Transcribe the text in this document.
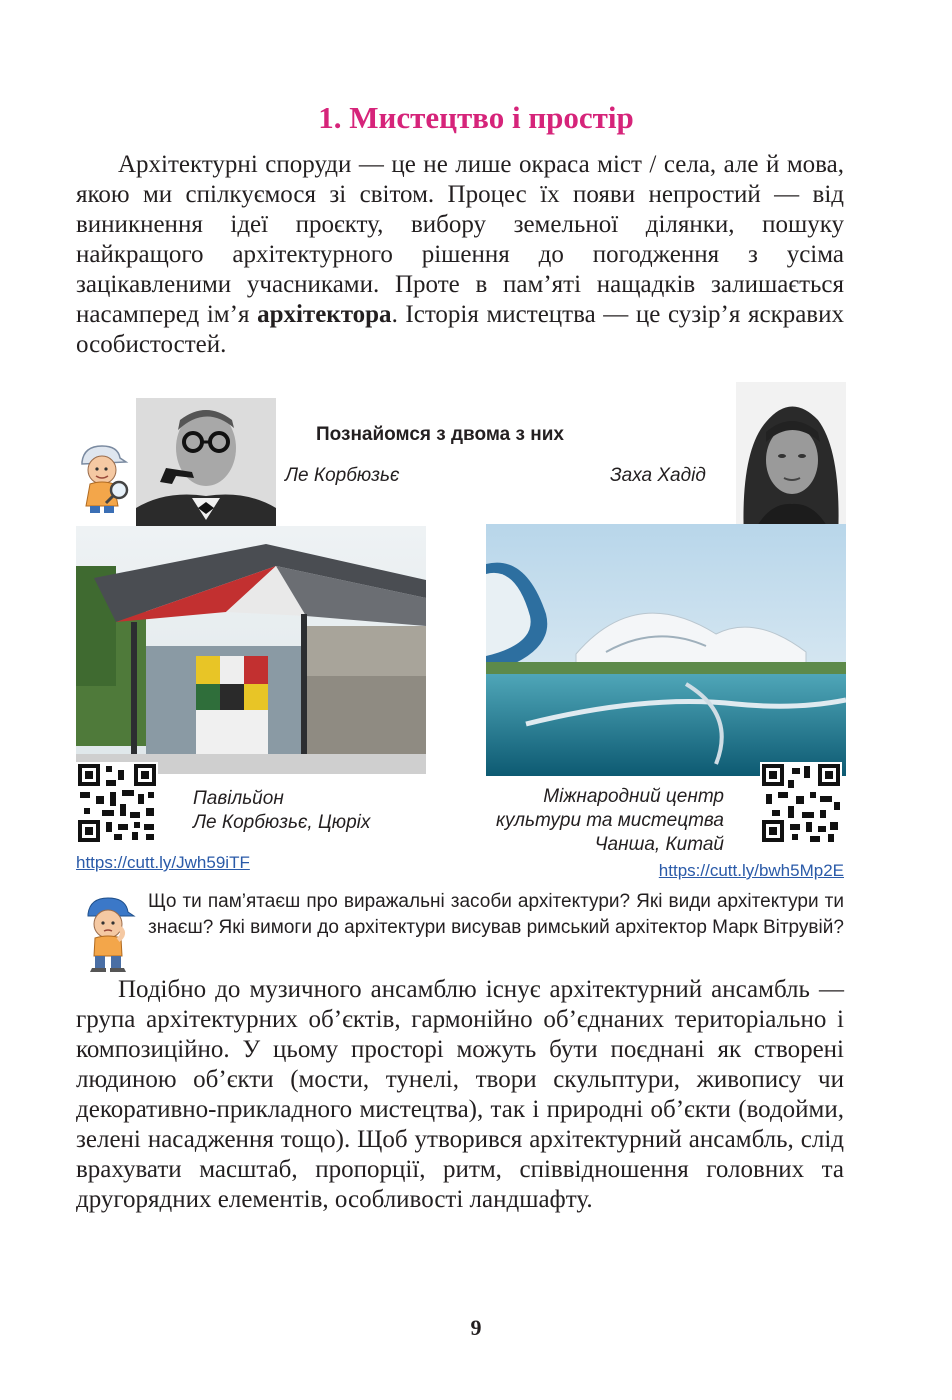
1. Мистецтво і простір

Архітектурні споруди — це не лише окраса міст / села, але й мова, якою ми спілкуємося зі світом. Процес їх появи непростий — від виникнення ідеї проєкту, вибору земельної ділянки, пошуку найкращого архітектурного рішення до погодження з усіма зацікавленими учасниками. Проте в пам’яті нащадків залишається насамперед ім’я архітектора. Історія мистецтва — це сузір’я яскравих особистостей.

Познайомся з двома з них
Ле Корбюзьє	Заха Хадід
Павільйон
Ле Корбюзьє, Цюріх
https://cutt.ly/Jwh59iTF
Міжнародний центр
культури та мистецтва
Чанша, Китай
https://cutt.ly/bwh5Mp2E
Що ти пам’ятаєш про виражальні засоби архітектури? Які види архітектури ти знаєш? Які вимоги до архітектури висував римський архітектор Марк Вітрувій?

Подібно до музичного ансамблю існує архітектурний ансамбль — група архітектурних об’єктів, гармонійно об’єднаних територіально і композиційно. У цьому просторі можуть бути поєднані як створені людиною об’єкти (мости, тунелі, твори скульптури, живопису чи декоративно-прикладного мистецтва), так і природні об’єкти (водойми, зелені насадження тощо). Щоб утворився архітектурний ансамбль, слід врахувати масштаб, пропорції, ритм, співвідношення головних та другорядних елементів, особливості ландшафту.

9
